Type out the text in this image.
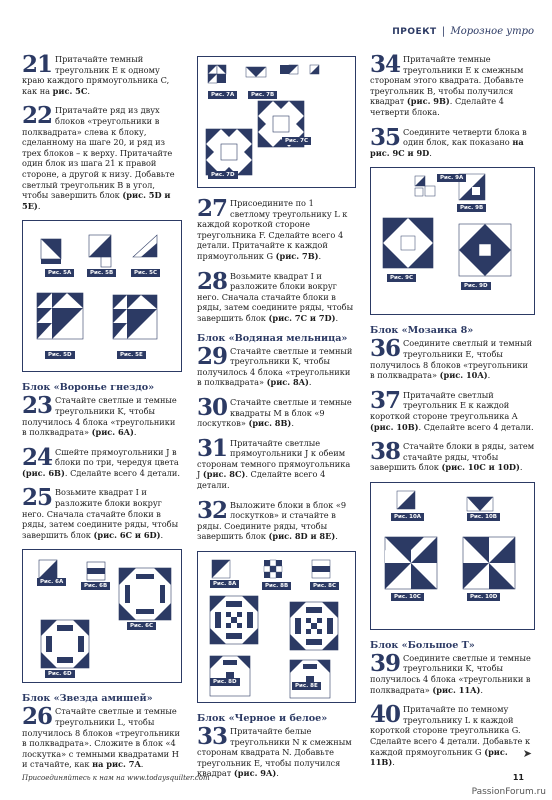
ПРОЕКТ | Морозное утро
21 Притачайте темный треугольник E к одному краю каждого прямоугольника C, как на рис. 5C.
22 Притачайте ряд из двух блоков «треугольники в полквадрата» слева к блоку, сделанному на шаге 20, и ряд из трех блоков – к верху. Притачайте один блок из шага 21 к правой стороне, а другой к низу. Добавьте светлый треугольник B в угол, чтобы завершить блок (рис. 5D и 5E).
Рис. 5A	Рис. 5B	Рис. 5C
Рис. 5D	Рис. 5E
Блок «Воронье гнездо»
23 Стачайте светлые и темные треугольники K, чтобы получилось 4 блока «треугольники в полквадрата» (рис. 6A).
24 Сшейте прямоугольники J в блоки по три, чередуя цвета (рис. 6B). Сделайте всего 4 детали.
25 Возьмите квадрат I и разложите блоки вокруг него. Сначала стачайте блоки в ряды, затем соедините ряды, чтобы завершить блок (рис. 6C и 6D).
Рис. 6A
Рис. 6B
Рис. 6C
Рис. 6D
Блок «Звезда амишей»
26 Стачайте светлые и темные треугольники L, чтобы получилось 8 блоков «треугольники в полквадрата». Сложите в блок «4 лоскутка» с темными квадратами H и стачайте, как на рис. 7A.
Рис. 7A	Рис. 7B
Рис. 7C
Рис. 7D
27 Присоедините по 1 светлому треугольнику L к каждой короткой стороне треугольника F. Сделайте всего 4 детали. Притачайте к каждой прямоугольник G (рис. 7B).
28 Возьмите квадрат I и разложите блоки вокруг него. Сначала стачайте блоки в ряды, затем соедините ряды, чтобы завершить блок (рис. 7C и 7D).
Блок «Водяная мельница»
29 Стачайте светлые и темный треугольники K, чтобы получилось 4 блока «треугольники в полквадрата» (рис. 8A).
30 Стачайте светлые и темные квадраты M в блок «9 лоскутков» (рис. 8B).
31 Притачайте светлые прямоугольники J к обеим сторонам темного прямоугольника J (рис. 8C). Сделайте всего 4 детали.
32 Выложите блоки в блок «9 лоскутков» и стачайте в ряды. Соедините ряды, чтобы завершить блок (рис. 8D и 8E).
Рис. 8A	Рис. 8B	Рис. 8C
Рис. 8D
Рис. 8E
Блок «Черное и белое»
33 Притачайте белые треугольники N к смежным сторонам квадрата N. Добавьте треугольник E, чтобы получился квадрат (рис. 9A).
34 Притачайте темные треугольники E к смежным сторонам этого квадрата. Добавьте треугольник B, чтобы получился квадрат (рис. 9B). Сделайте 4 четверти блока.
35 Соедините четверти блока в один блок, как показано на рис. 9C и 9D.
Рис. 9A
Рис. 9B
Рис. 9C
Рис. 9D
Блок «Мозаика 8»
36 Соедините светлый и темный треугольники E, чтобы получилось 8 блоков «треугольники в полквадрата» (рис. 10A).
37 Притачайте светлый треугольник E к каждой короткой стороне треугольника A (рис. 10B). Сделайте всего 4 детали.
38 Стачайте блоки в ряды, затем стачайте ряды, чтобы завершить блок (рис. 10C и 10D).
Рис. 10A	Рис. 10B
Рис. 10C	Рис. 10D
Блок «Большое Т»
39 Соедините светлые и темные треугольники K, чтобы получилось 4 блока «треугольники в полквадрата» (рис. 11A).
40 Притачайте по темному треугольнику L к каждой короткой стороне треугольника G. Сделайте всего 4 детали. Добавьте к каждой прямоугольник G (рис. 11B).
➤
Присоединяйтесь к нам на www.todaysquilter.com	11
PassionForum.ru
